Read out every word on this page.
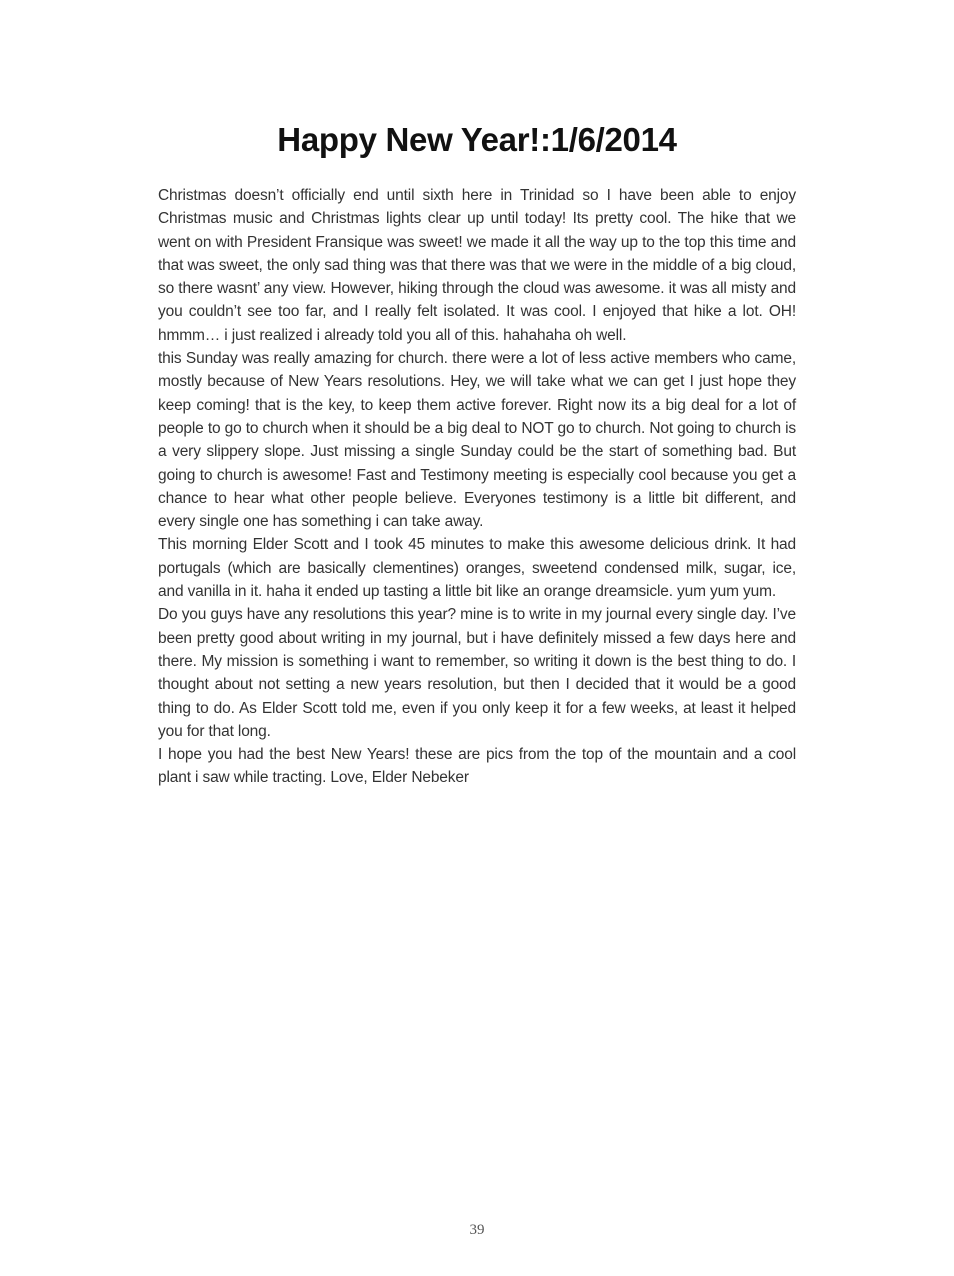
Happy New Year!:1/6/2014

Christmas doesn’t officially end until sixth here in Trinidad so I have been able to enjoy Christmas music and Christmas lights clear up until today! Its pretty cool. The hike that we went on with President Fransique was sweet! we made it all the way up to the top this time and that was sweet, the only sad thing was that there was that we were in the middle of a big cloud, so there wasnt’ any view. However, hiking through the cloud was awesome. it was all misty and you couldn’t see too far, and I really felt isolated. It was cool. I enjoyed that hike a lot. OH! hmmm… i just realized i already told you all of this. hahahaha oh well.

this Sunday was really amazing for church. there were a lot of less active members who came, mostly because of New Years resolutions. Hey, we will take what we can get I just hope they keep coming! that is the key, to keep them active forever. Right now its a big deal for a lot of people to go to church when it should be a big deal to NOT go to church. Not going to church is a very slippery slope. Just missing a single Sunday could be the start of something bad. But going to church is awesome! Fast and Testimony meeting is especially cool because you get a chance to hear what other people believe. Everyones testimony is a little bit different, and every single one has something i can take away.

This morning Elder Scott and I took 45 minutes to make this awesome delicious drink. It had portugals (which are basically clementines) oranges, sweetend condensed milk, sugar, ice, and vanilla in it. haha it ended up tasting a little bit like an orange dreamsicle. yum yum yum.

Do you guys have any resolutions this year? mine is to write in my journal every single day. I’ve been pretty good about writing in my journal, but i have definitely missed a few days here and there. My mission is something i want to remember, so writing it down is the best thing to do. I thought about not setting a new years resolution, but then I decided that it would be a good thing to do. As Elder Scott told me, even if you only keep it for a few weeks, at least it helped you for that long.

I hope you had the best New Years! these are pics from the top of the mountain and a cool plant i saw while tracting. Love, Elder Nebeker

39
